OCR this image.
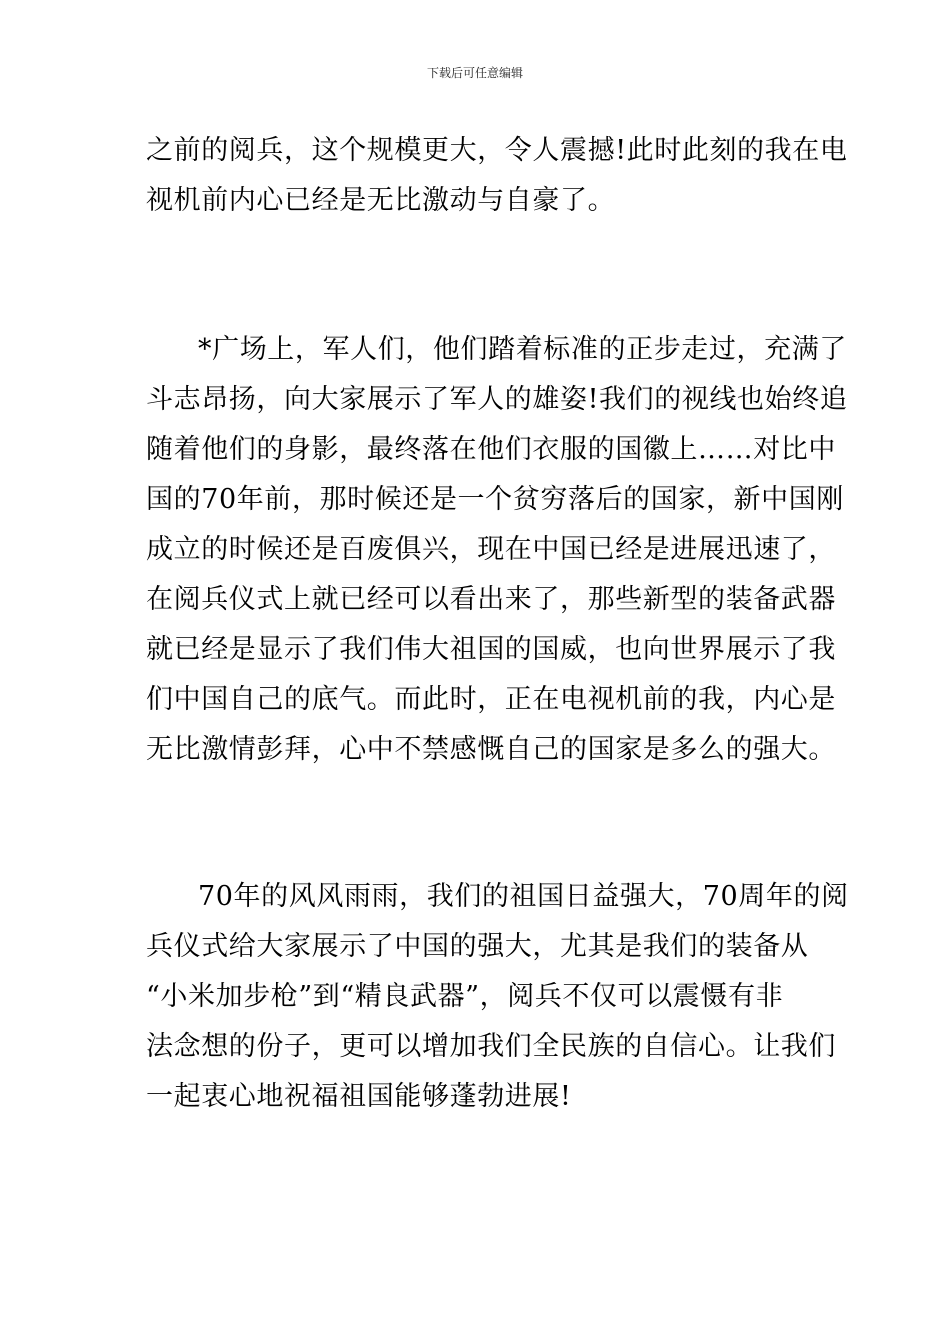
下载后可任意编辑
之前的阅兵，这个规模更大，令人震撼!此时此刻的我在电
视机前内心已经是无比激动与自豪了。
*广场上，军人们，他们踏着标准的正步走过，充满了
斗志昂扬，向大家展示了军人的雄姿!我们的视线也始终追
随着他们的身影，最终落在他们衣服的国徽上……对比中
国的70年前，那时候还是一个贫穷落后的国家，新中国刚
成立的时候还是百废俱兴，现在中国已经是进展迅速了，
在阅兵仪式上就已经可以看出来了，那些新型的装备武器
就已经是显示了我们伟大祖国的国威，也向世界展示了我
们中国自己的底气。而此时，正在电视机前的我，内心是
无比激情彭拜，心中不禁感慨自己的国家是多么的强大。
70年的风风雨雨，我们的祖国日益强大，70周年的阅
兵仪式给大家展示了中国的强大，尤其是我们的装备从
“小米加步枪”到“精良武器”，阅兵不仅可以震慑有非
法念想的份子，更可以增加我们全民族的自信心。让我们
一起衷心地祝福祖国能够蓬勃进展!
